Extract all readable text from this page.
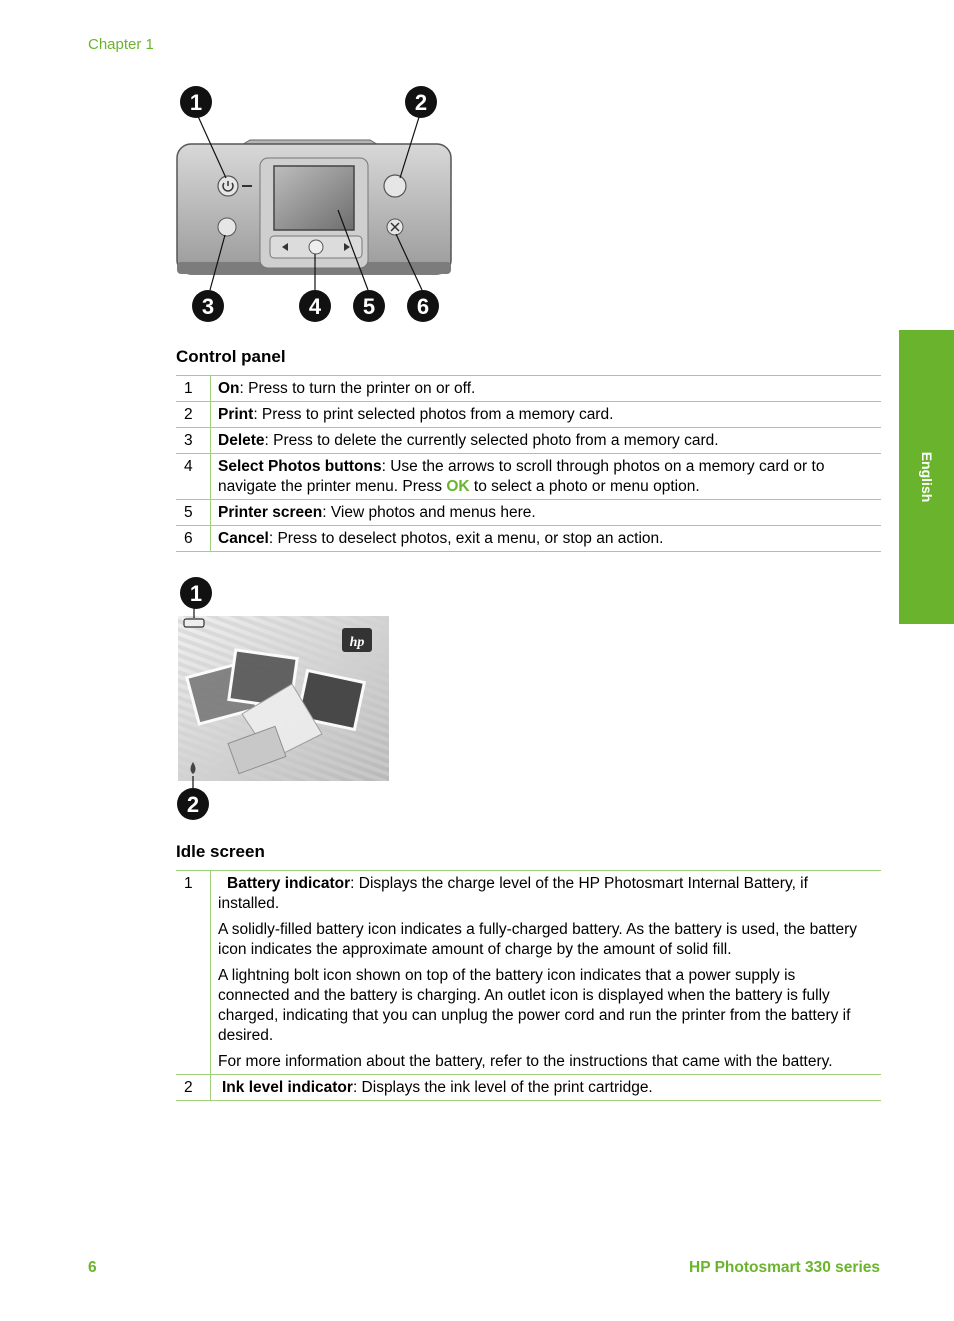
Chapter 1
English
1	2
3	4 5 6
Control panel
1	On: Press to turn the printer on or off.
2	Print: Press to print selected photos from a memory card.
3	Delete: Press to delete the currently selected photo from a memory card.
4	Select Photos buttons: Use the arrows to scroll through photos on a memory card or to navigate the printer menu. Press OK to select a photo or menu option.
5	Printer screen: View photos and menus here.
6	Cancel: Press to deselect photos, exit a menu, or stop an action.
hp
1
2
Idle screen
1	Battery indicator: Displays the charge level of the HP Photosmart Internal Battery, if installed.

A solidly-filled battery icon indicates a fully-charged battery. As the battery is used, the battery icon indicates the approximate amount of charge by the amount of solid fill.

A lightning bolt icon shown on top of the battery icon indicates that a power supply is connected and the battery is charging. An outlet icon is displayed when the battery is fully charged, indicating that you can unplug the power cord and run the printer from the battery if desired.

For more information about the battery, refer to the instructions that came with the battery.

2	Ink level indicator: Displays the ink level of the print cartridge.
6	HP Photosmart 330 series
